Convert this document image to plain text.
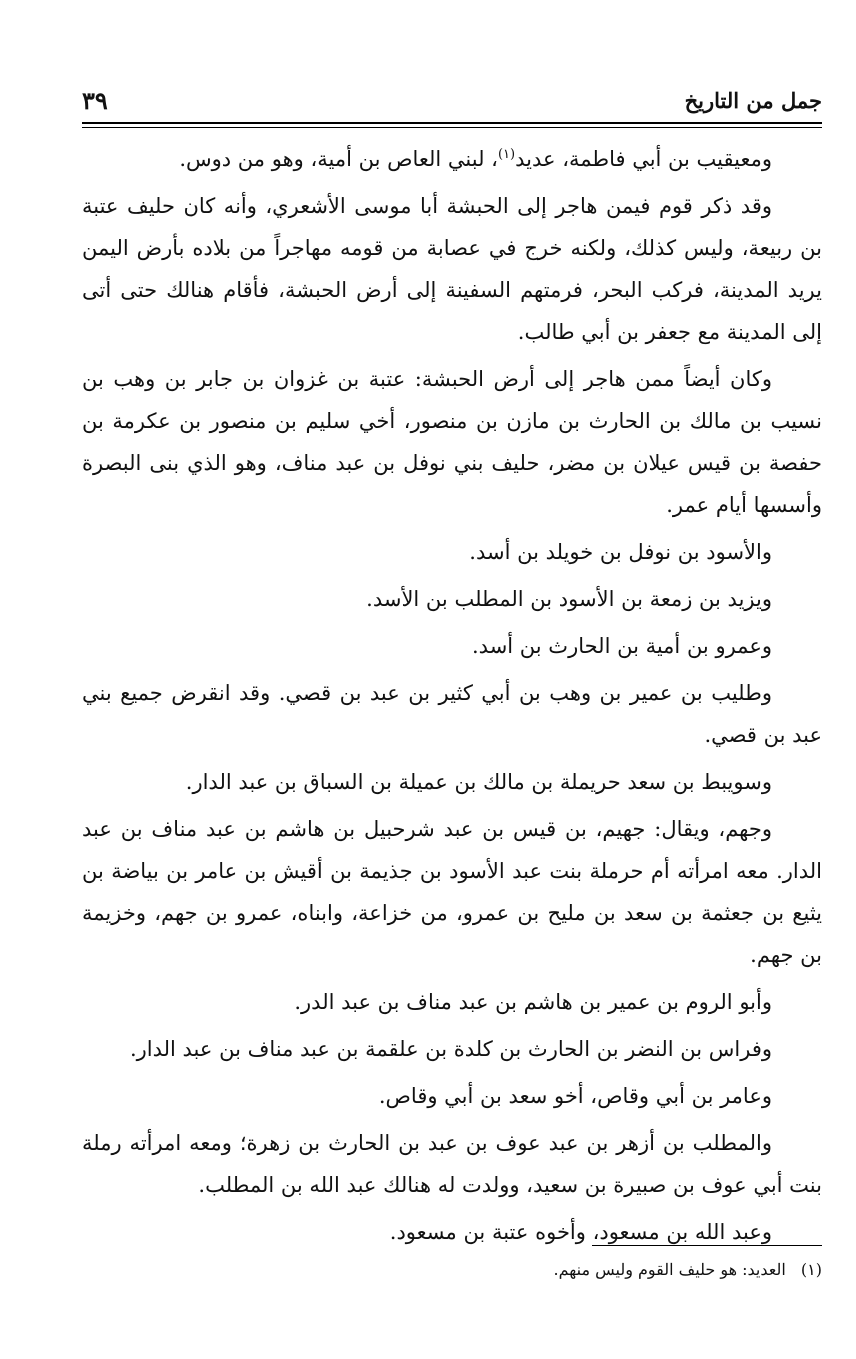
جمل من التاريخ
٣٩

ومعيقيب بن أبي فاطمة، عديد$^{(١)}$، لبني العاص بن أمية، وهو من دوس.

وقد ذكر قوم فيمن هاجر إلى الحبشة أبا موسى الأشعري، وأنه كان حليف عتبة بن ربيعة، وليس كذلك، ولكنه خرج في عصابة من قومه مهاجراً من بلاده بأرض اليمن يريد المدينة، فركب البحر، فرمتهم السفينة إلى أرض الحبشة، فأقام هنالك حتى أتى إلى المدينة مع جعفر بن أبي طالب.

وكان أيضاً ممن هاجر إلى أرض الحبشة: عتبة بن غزوان بن جابر بن وهب بن نسيب بن مالك بن الحارث بن مازن بن منصور، أخي سليم بن منصور بن عكرمة بن حفصة بن قيس عيلان بن مضر، حليف بني نوفل بن عبد مناف، وهو الذي بنى البصرة وأسسها أيام عمر.

والأسود بن نوفل بن خويلد بن أسد.

ويزيد بن زمعة بن الأسود بن المطلب بن الأسد.

وعمرو بن أمية بن الحارث بن أسد.

وطليب بن عمير بن وهب بن أبي كثير بن عبد بن قصي. وقد انقرض جميع بني عبد بن قصي.

وسويبط بن سعد حريملة بن مالك بن عميلة بن السباق بن عبد الدار.

وجهم، ويقال: جهيم، بن قيس بن عبد شرحبيل بن هاشم بن عبد مناف بن عبد الدار. معه امرأته أم حرملة بنت عبد الأسود بن جذيمة بن أقيش بن عامر بن بياضة بن يثيع بن جعثمة بن سعد بن مليح بن عمرو، من خزاعة، وابناه، عمرو بن جهم، وخزيمة بن جهم.

وأبو الروم بن عمير بن هاشم بن عبد مناف بن عبد الدر.

وفراس بن النضر بن الحارث بن كلدة بن علقمة بن عبد مناف بن عبد الدار.

وعامر بن أبي وقاص، أخو سعد بن أبي وقاص.

والمطلب بن أزهر بن عبد عوف بن عبد بن الحارث بن زهرة؛ ومعه امرأته رملة بنت أبي عوف بن صبيرة بن سعيد، وولدت له هنالك عبد الله بن المطلب.

وعبد الله بن مسعود، وأخوه عتبة بن مسعود.

(١) العديد: هو حليف القوم وليس منهم.
